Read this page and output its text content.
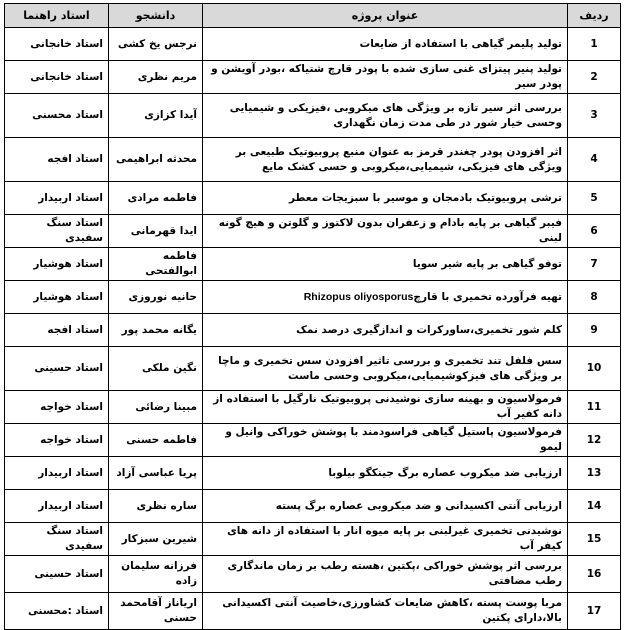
ردیف	عنوان پروژه	دانشجو	استاد راهنما
1	تولید پلیمر گیاهی با استفاده از ضایعات	نرجس یخ کشی	استاد خانجانی
2	تولید پنیر پیتزای غنی سازی شده با پودر قارچ شتیاکه ،بودر آویشن و پودر سیر	مریم نظری	استاد خانجانی
3	بررسی اثر سیر تازه بر ویژگی های میکروبی ،فیزیکی و شیمیایی وحسی خیار شور در طی مدت زمان نگهداری	آیدا کزازی	استاد محسنی
4	اثر افزودن پودر چغندر قرمز به عنوان منبع پروبیوتیک طبیعی بر ویژگی های فیزیکی، شیمیایی،میکروبی و حسی کشک مایع	محدثه ابراهیمی	استاد افجه
5	ترشی پروبیوتیک بادمجان و موسیر با سبزیجات معطر	فاطمه مرادی	استاد اربیدار
6	فیبر گیاهی بر پایه بادام و زعفران بدون لاکتوز و گلوتن و هیچ گونه لبنی	ایدا قهرمانی	استاد سنگ سفیدی
7	توفو گیاهی بر پایه شیر سویا	فاطمه ابوالفتحی	استاد هوشیار
8	تهیه فرآورده تخمیری با قارچRhizopus oliyosporus	حانیه نوروزی	استاد هوشیار
9	کلم شور تخمیری،ساورکرات و اندازگیری درصد نمک	یگانه محمد پور	استاد افجه
10	سس فلفل تند تخمیری و بررسی تاثیر افزودن سس تخمیری و ماچا بر ویژگی های فیزکوشیمیایی،میکروبی وحسی ماست	نگین ملکی	استاد حسینی
11	فرمولاسیون و بهینه سازی نوشیدنی پروبیوتیک نارگیل با استفاده از دانه کفیر آب	مبینا رضائی	استاد خواجه
12	فرمولاسیون پاستیل گیاهی فراسودمند با پوشش خوراکی وانیل و لیمو	فاطمه حسنی	استاد خواجه
13	ارزیابی ضد میکروب عصاره برگ جینکگو بیلوبا	پریا عباسی آزاد	استاد اربیدار
14	ارزیابی آنتی اکسیدانی و ضد میکروبی عصاره برگ پسته	ساره نظری	استاد اربیدار
15	نوشیدنی تخمیری غیرلبنی بر پایه میوه انار با استفاده از دانه های کیفر آب	شیرین سبزکار	استاد سنگ سفیدی
16	بررسی اثر پوشش خوراکی ،پکتین ،هسته رطب بر زمان ماندگاری رطب مضافتی	فرزانه سلیمان زاده	استاد حسینی
17	مربا پوست پسته ،کاهش ضایعات کشاورزی،خاصیت آنتی اکسیدانی بالا،دارای پکتین	اریاناز آقامحمد حسنی	استاد :محسنی
